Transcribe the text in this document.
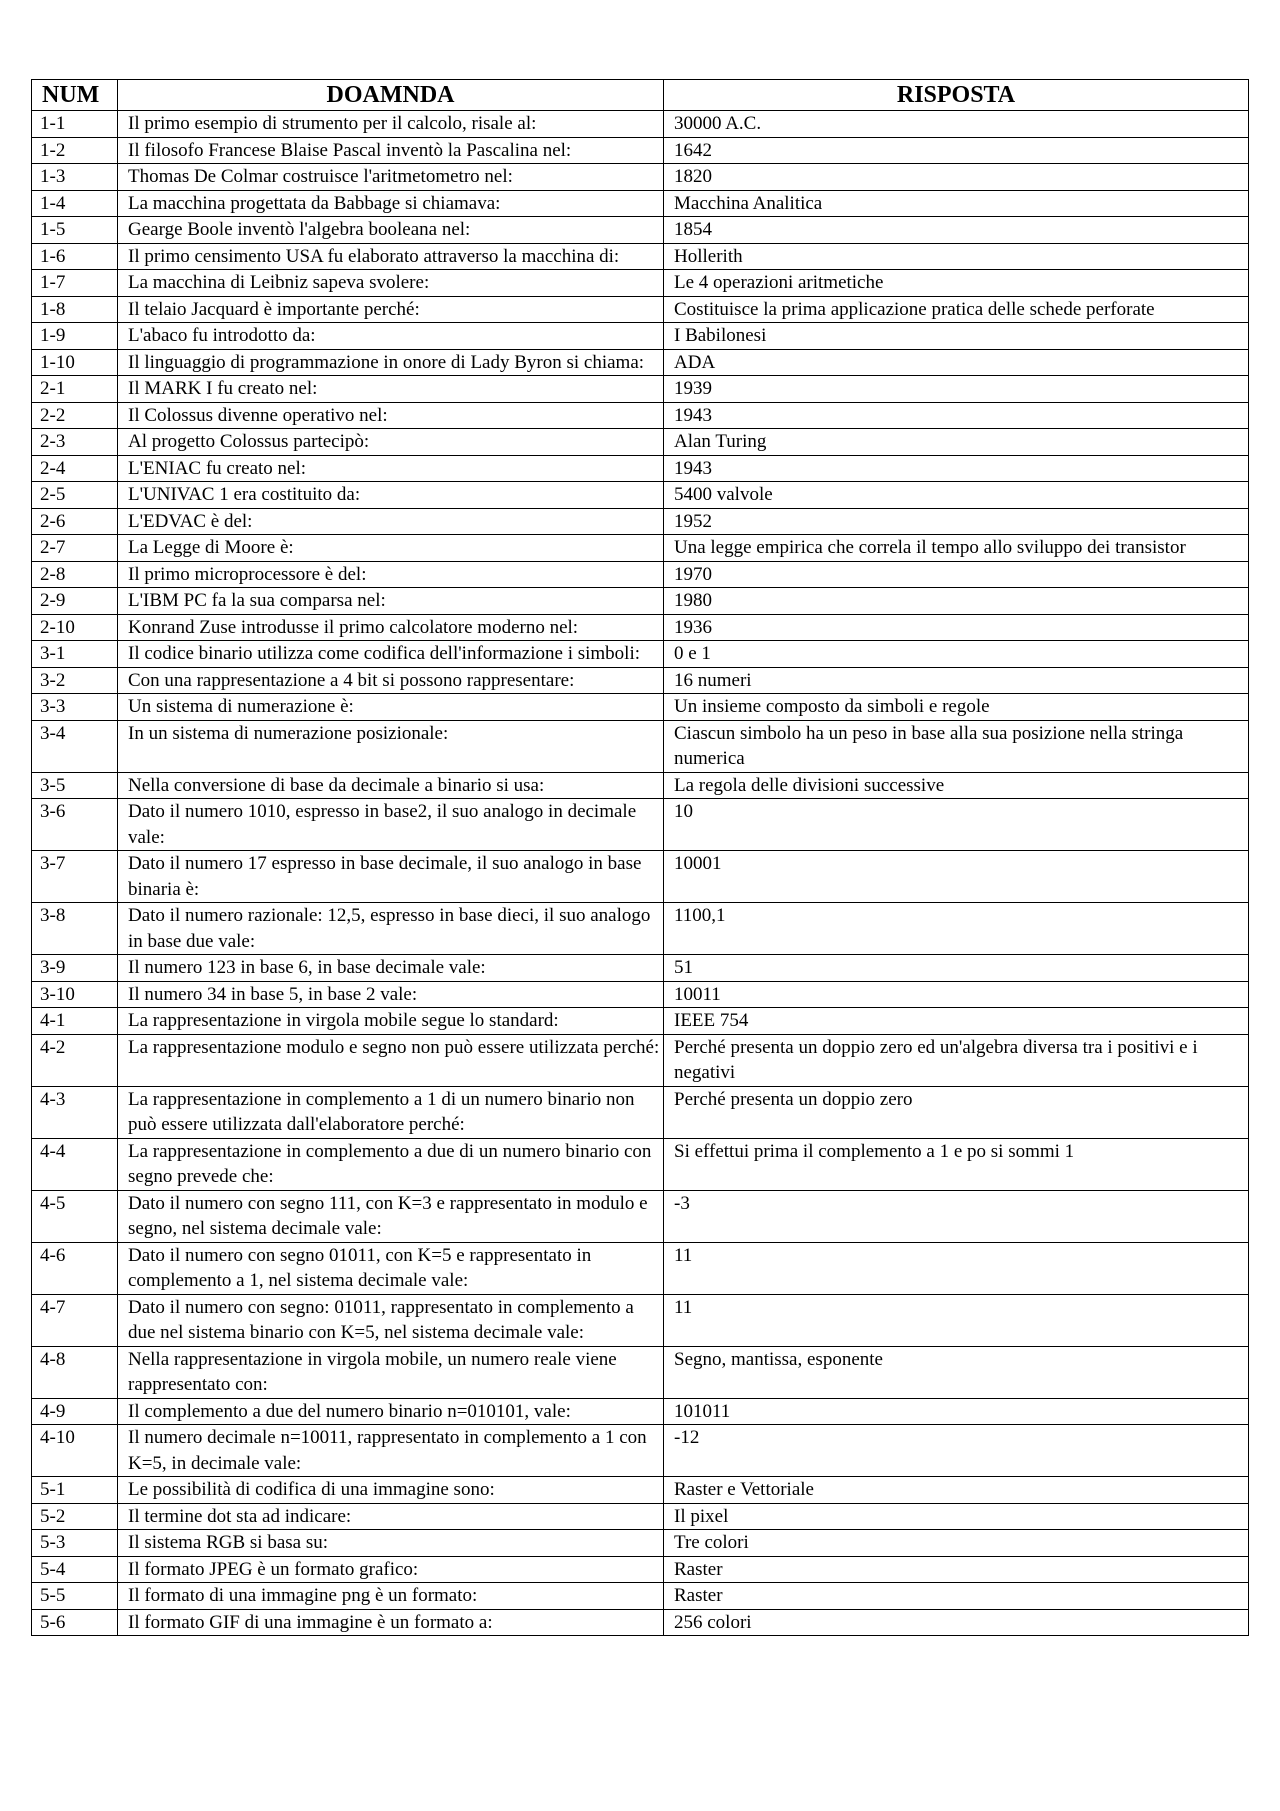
NUM	DOAMNDA	RISPOSTA
1-1	Il primo esempio di strumento per il calcolo, risale al:	30000 A.C.
1-2	Il filosofo Francese Blaise Pascal inventò la Pascalina nel:	1642
1-3	Thomas De Colmar costruisce l'aritmetometro nel:	1820
1-4	La macchina progettata da Babbage si chiamava:	Macchina Analitica
1-5	Gearge Boole inventò l'algebra booleana nel:	1854
1-6	Il primo censimento USA fu elaborato attraverso la macchina di:	Hollerith
1-7	La macchina di Leibniz sapeva svolere:	Le 4 operazioni aritmetiche
1-8	Il telaio Jacquard è importante perché:	Costituisce la prima applicazione pratica delle schede perforate
1-9	L'abaco fu introdotto da:	I Babilonesi
1-10	Il linguaggio di programmazione in onore di Lady Byron si chiama:	ADA
2-1	Il MARK I fu creato nel:	1939
2-2	Il Colossus divenne operativo nel:	1943
2-3	Al progetto Colossus partecipò:	Alan Turing
2-4	L'ENIAC fu creato nel:	1943
2-5	L'UNIVAC 1 era costituito da:	5400 valvole
2-6	L'EDVAC è del:	1952
2-7	La Legge di Moore è:	Una legge empirica che correla il tempo allo sviluppo dei transistor
2-8	Il primo microprocessore è del:	1970
2-9	L'IBM PC fa la sua comparsa nel:	1980
2-10	Konrand Zuse introdusse il primo calcolatore moderno nel:	1936
3-1	Il codice binario utilizza come codifica dell'informazione i simboli:	0 e 1
3-2	Con una rappresentazione a 4 bit si possono rappresentare:	16 numeri
3-3	Un sistema di numerazione è:	Un insieme composto da simboli e regole
3-4	In un sistema di numerazione posizionale:	Ciascun simbolo ha un peso in base alla sua posizione nella stringa numerica
3-5	Nella conversione di base da decimale a binario si usa:	La regola delle divisioni successive
3-6	Dato il numero 1010, espresso in base2, il suo analogo in decimale vale:	10
3-7	Dato il numero 17 espresso in base decimale, il suo analogo in base binaria è:	10001
3-8	Dato il numero razionale: 12,5, espresso in base dieci, il suo analogo in base due vale:	1100,1
3-9	Il numero 123 in base 6, in base decimale vale:	51
3-10	Il numero 34 in base 5, in base 2 vale:	10011
4-1	La rappresentazione in virgola mobile segue lo standard:	IEEE 754
4-2	La rappresentazione modulo e segno non può essere utilizzata perché:	Perché presenta un doppio zero ed un'algebra diversa tra i positivi e i negativi
4-3	La rappresentazione in complemento a 1 di un numero binario non può essere utilizzata dall'elaboratore perché:	Perché presenta un doppio zero
4-4	La rappresentazione in complemento a due di un numero binario con segno prevede che:	Si effettui prima il complemento a 1 e po si sommi 1
4-5	Dato il numero con segno 111, con K=3 e rappresentato in modulo e segno, nel sistema decimale vale:	-3
4-6	Dato il numero con segno 01011, con K=5 e rappresentato in complemento a 1, nel sistema decimale vale:	11
4-7	Dato il numero con segno: 01011, rappresentato in complemento a due nel sistema binario con K=5, nel sistema decimale vale:	11
4-8	Nella rappresentazione in virgola mobile, un numero reale viene rappresentato con:	Segno, mantissa, esponente
4-9	Il complemento a due del numero binario n=010101, vale:	101011
4-10	Il numero decimale n=10011, rappresentato in complemento a 1 con K=5, in decimale vale:	-12
5-1	Le possibilità di codifica di una immagine sono:	Raster e Vettoriale
5-2	Il termine dot sta ad indicare:	Il pixel
5-3	Il sistema RGB si basa su:	Tre colori
5-4	Il formato JPEG è un formato grafico:	Raster
5-5	Il formato di una immagine png è un formato:	Raster
5-6	Il formato GIF di una immagine è un formato a:	256 colori
